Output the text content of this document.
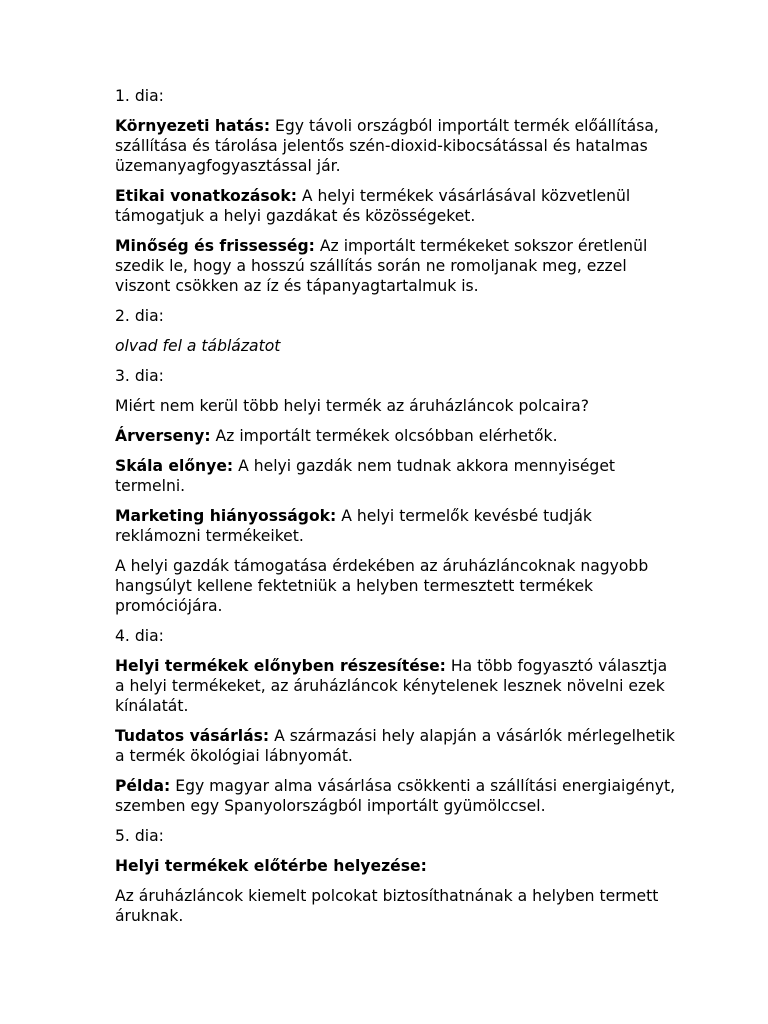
1. dia:

Környezeti hatás: Egy távoli országból importált termék előállítása, szállítása és tárolása jelentős szén-dioxid-kibocsátással és hatalmas üzemanyagfogyasztással jár.

Etikai vonatkozások: A helyi termékek vásárlásával közvetlenül támogatjuk a helyi gazdákat és közösségeket.

Minőség és frissesség: Az importált termékeket sokszor éretlenül szedik le, hogy a hosszú szállítás során ne romoljanak meg, ezzel viszont csökken az íz és tápanyagtartalmuk is.

2. dia:

olvad fel a táblázatot

3. dia:

Miért nem kerül több helyi termék az áruházláncok polcaira?

Árverseny: Az importált termékek olcsóbban elérhetők.

Skála előnye: A helyi gazdák nem tudnak akkora mennyiséget termelni.

Marketing hiányosságok: A helyi termelők kevésbé tudják reklámozni termékeiket.

A helyi gazdák támogatása érdekében az áruházláncoknak nagyobb hangsúlyt kellene fektetniük a helyben termesztett termékek promóciójára.

4. dia:

Helyi termékek előnyben részesítése: Ha több fogyasztó választja a helyi termékeket, az áruházláncok kénytelenek lesznek növelni ezek kínálatát.

Tudatos vásárlás: A származási hely alapján a vásárlók mérlegelhetik a termék ökológiai lábnyomát.

Példa: Egy magyar alma vásárlása csökkenti a szállítási energiaigényt, szemben egy Spanyolországból importált gyümölccsel.

5. dia:

Helyi termékek előtérbe helyezése:

Az áruházláncok kiemelt polcokat biztosíthatnának a helyben termett áruknak.
